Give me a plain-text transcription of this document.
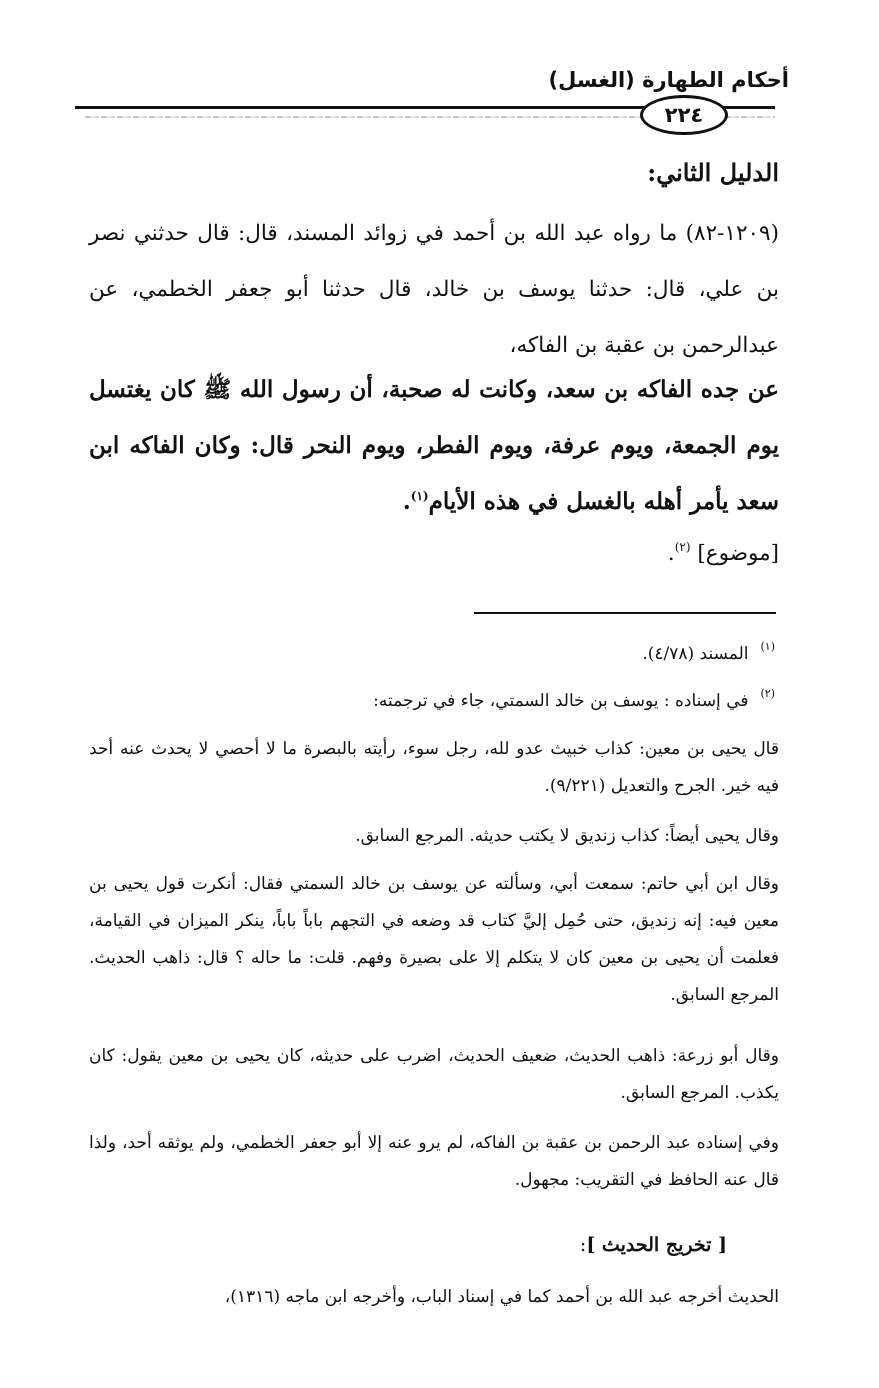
أحكام الطهارة (الغسل)
٢٢٤
الدليل الثاني:
(١٢٠٩-٨٢) ما رواه عبد الله بن أحمد في زوائد المسند، قال: قال حدثني نصر بن علي، قال: حدثنا يوسف بن خالد، قال حدثنا أبو جعفر الخطمي، عن عبدالرحمن بن عقبة بن الفاكه،
عن جده الفاكه بن سعد، وكانت له صحبة، أن رسول الله ﷺ كان يغتسل يوم الجمعة، ويوم عرفة، ويوم الفطر، ويوم النحر قال: وكان الفاكه ابن سعد يأمر أهله بالغسل في هذه الأيام$^{(١)}$.
[موضوع] $^{(٢)}$.
$^{(١)}$المسند (٤/٧٨).
$^{(٢)}$في إسناده : يوسف بن خالد السمتي، جاء في ترجمته:
قال يحيى بن معين: كذاب خبيث عدو لله، رجل سوء، رأيته بالبصرة ما لا أحصي لا يحدث عنه أحد فيه خير. الجرح والتعديل (٩/٢٢١).
وقال يحيى أيضاً: كذاب زنديق لا يكتب حديثه. المرجع السابق.
وقال ابن أبي حاتم: سمعت أبي، وسألته عن يوسف بن خالد السمتي فقال: أنكرت قول يحيى بن معين فيه: إنه زنديق، حتى حُمِل إليَّ كتاب قد وضعه في التجهم باباً باباً، ينكر الميزان في القيامة، فعلمت أن يحيى بن معين كان لا يتكلم إلا على بصيرة وفهم. قلت: ما حاله ؟ قال: ذاهب الحديث. المرجع السابق.
وقال أبو زرعة: ذاهب الحديث، ضعيف الحديث، اضرب على حديثه، كان يحيى بن معين يقول: كان يكذب. المرجع السابق.
وفي إسناده عبد الرحمن بن عقبة بن الفاكه، لم يرو عنه إلا أبو جعفر الخطمي، ولم يوثقه أحد، ولذا قال عنه الحافظ في التقريب: مجهول.
[ تخريج الحديث ]:
الحديث أخرجه عبد الله بن أحمد كما في إسناد الباب، وأخرجه ابن ماجه (١٣١٦)،
